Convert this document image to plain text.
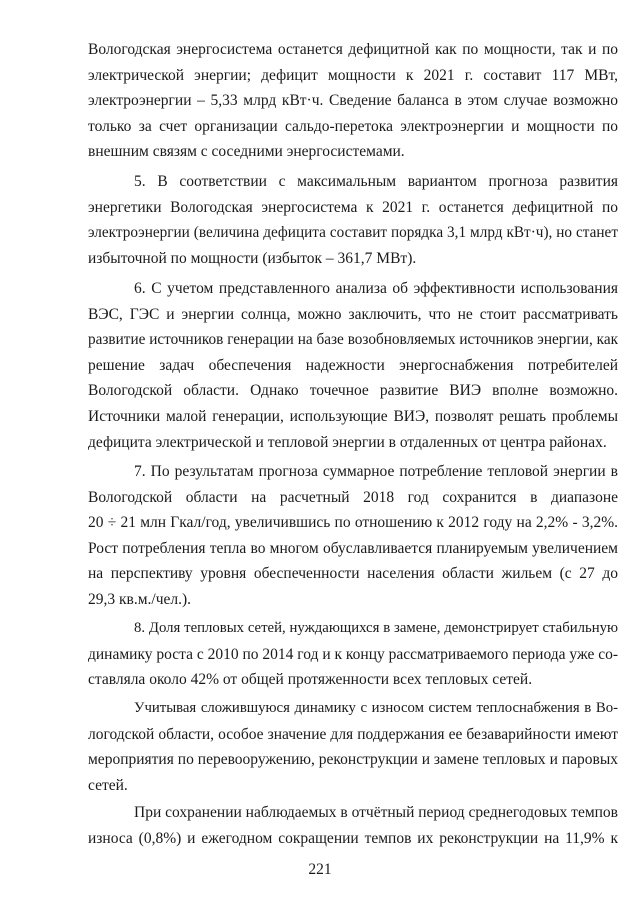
Вологодская энергосистема останется дефицитной как по мощности, так и по
электрической энергии; дефицит мощности к 2021 г. составит 117 МВт,
электроэнергии – 5,33 млрд кВт·ч. Сведение баланса в этом случае возможно
только за счет организации сальдо-перетока электроэнергии и мощности по
внешним связям с соседними энергосистемами.
5. В соответствии с максимальным вариантом прогноза развития
энергетики Вологодская энергосистема к 2021 г. останется дефицитной по
электроэнергии (величина дефицита составит порядка 3,1 млрд кВт·ч), но станет
избыточной по мощности (избыток – 361,7 МВт).
6. С учетом представленного анализа об эффективности использования
ВЭС, ГЭС и энергии солнца, можно заключить, что не стоит рассматривать
развитие источников генерации на базе возобновляемых источников энергии, как
решение задач обеспечения надежности энергоснабжения потребителей
Вологодской области. Однако точечное развитие ВИЭ вполне возможно.
Источники малой генерации, использующие ВИЭ, позволят решать проблемы
дефицита электрической и тепловой энергии в отдаленных от центра районах.
7. По результатам прогноза суммарное потребление тепловой энергии в
Вологодской области на расчетный 2018 год сохранится в диапазоне
20 ÷ 21 млн Гкал/год, увеличившись по отношению к 2012 году на 2,2% - 3,2%.
Рост потребления тепла во многом обуславливается планируемым увеличением
на перспективу уровня обеспеченности населения области жильем (с 27 до
29,3 кв.м./чел.).
8. Доля тепловых сетей, нуждающихся в замене, демонстрирует стабильную
динамику роста с 2010 по 2014 год и к концу рассматриваемого периода уже со-
ставляла около 42% от общей протяженности всех тепловых сетей.
Учитывая сложившуюся динамику с износом систем теплоснабжения в Во-
логодской области, особое значение для поддержания ее безаварийности имеют
мероприятия по перевооружению, реконструкции и замене тепловых и паровых
сетей.
При сохранении наблюдаемых в отчётный период среднегодовых темпов
износа (0,8%) и ежегодном сокращении темпов их реконструкции на 11,9% к
221
